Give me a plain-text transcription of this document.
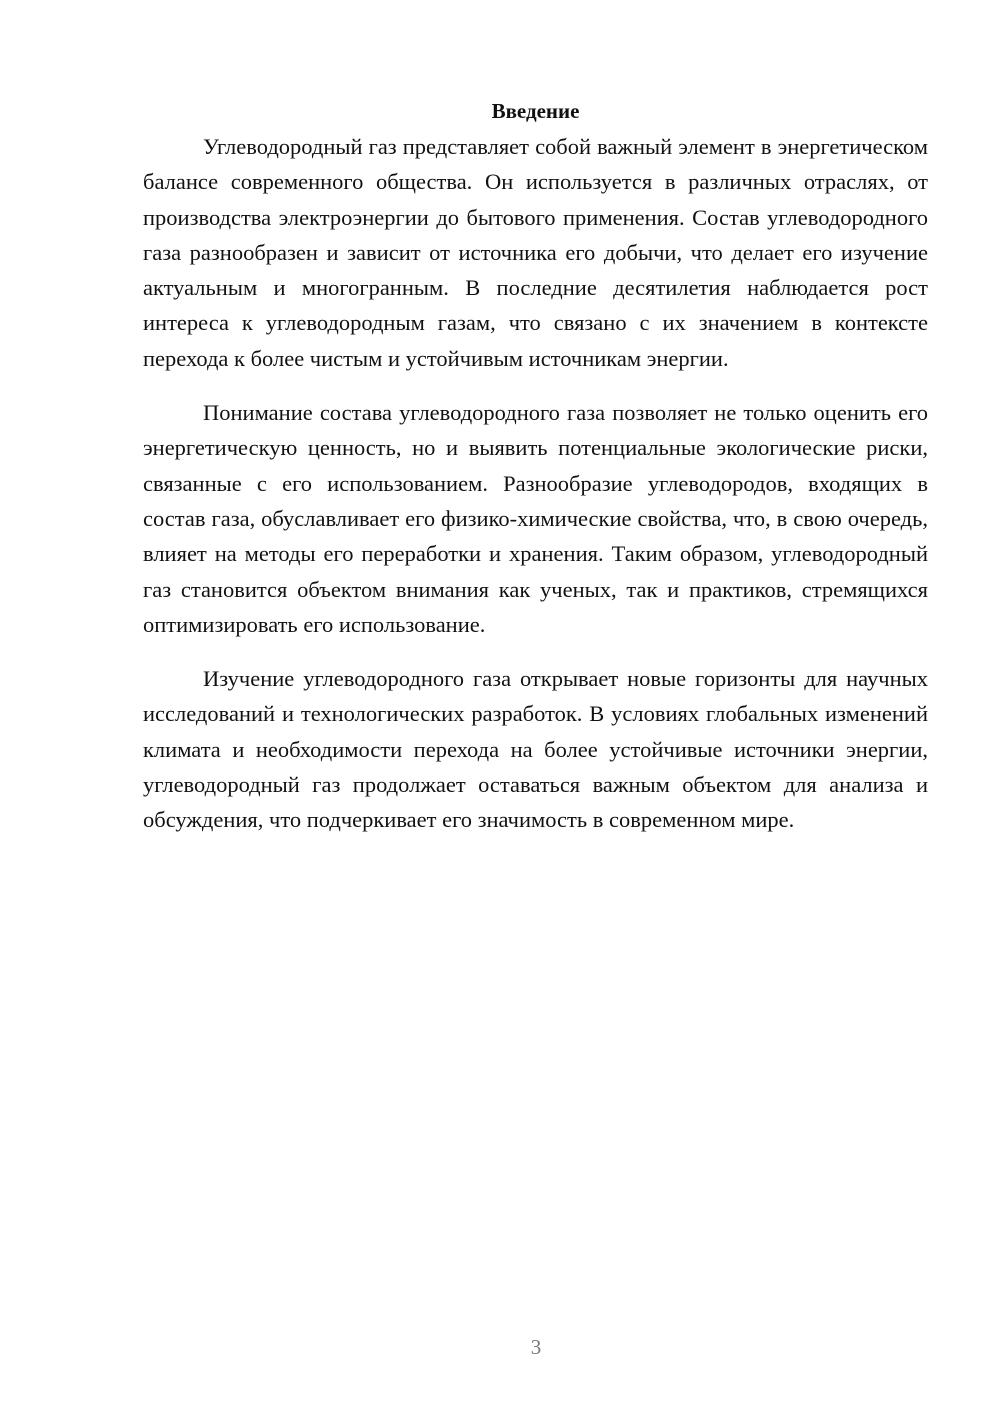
Введение

Углеводородный газ представляет собой важный элемент в энергетическом балансе современного общества. Он используется в различных отраслях, от производства электроэнергии до бытового применения. Состав углеводородного газа разнообразен и зависит от источника его добычи, что делает его изучение актуальным и многогранным. В последние десятилетия наблюдается рост интереса к углеводородным газам, что связано с их значением в контексте перехода к более чистым и устойчивым источникам энергии.

Понимание состава углеводородного газа позволяет не только оценить его энергетическую ценность, но и выявить потенциальные экологические риски, связанные с его использованием. Разнообразие углеводородов, входящих в состав газа, обуславливает его физико-химические свойства, что, в свою очередь, влияет на методы его переработки и хранения. Таким образом, углеводородный газ становится объектом внимания как ученых, так и практиков, стремящихся оптимизировать его использование.

Изучение углеводородного газа открывает новые горизонты для научных исследований и технологических разработок. В условиях глобальных изменений климата и необходимости перехода на более устойчивые источники энергии, углеводородный газ продолжает оставаться важным объектом для анализа и обсуждения, что подчеркивает его значимость в современном мире.

3
